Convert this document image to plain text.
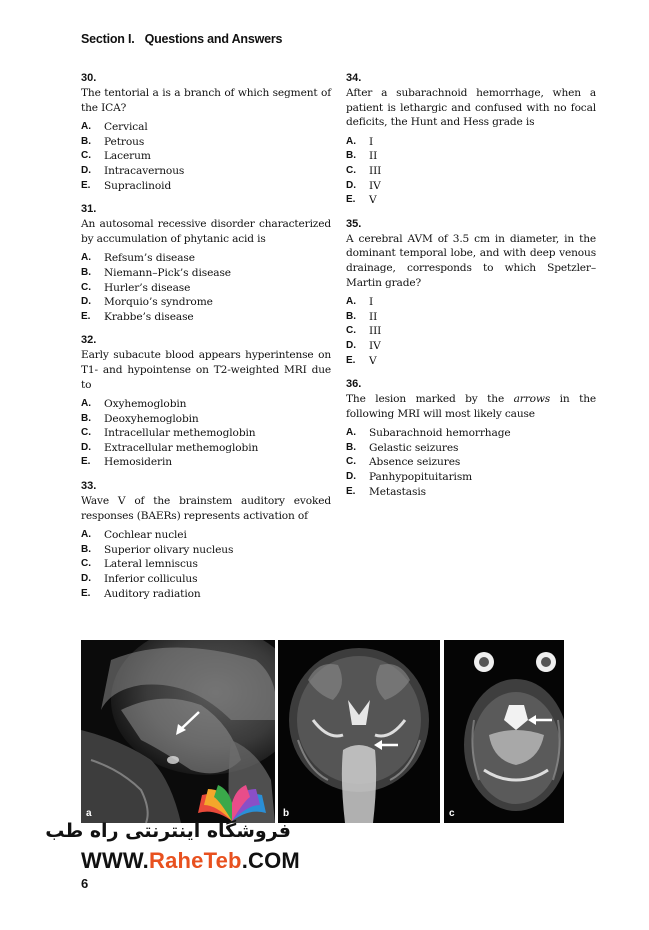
Section I. Questions and Answers
30.
The tentorial a is a branch of which segment of the ICA?
A.	Cervical
B.	Petrous
C.	Lacerum
D.	Intracavernous
E.	Supraclinoid
31.
An autosomal recessive disorder characterized by accumulation of phytanic acid is
A.	Refsum’s disease
B.	Niemann–Pick’s disease
C.	Hurler’s disease
D.	Morquio’s syndrome
E.	Krabbe’s disease
32.
Early subacute blood appears hyperintense on T1- and hypointense on T2-weighted MRI due to
A.	Oxyhemoglobin
B.	Deoxyhemoglobin
C.	Intracellular methemoglobin
D.	Extracellular methemoglobin
E.	Hemosiderin
33.
Wave V of the brainstem auditory evoked responses (BAERs) represents activation of
A.	Cochlear nuclei
B.	Superior olivary nucleus
C.	Lateral lemniscus
D.	Inferior colliculus
E.	Auditory radiation
34.
After a subarachnoid hemorrhage, when a patient is lethargic and confused with no focal deficits, the Hunt and Hess grade is
A.	I
B.	II
C.	III
D.	IV
E.	V
35.
A cerebral AVM of 3.5 cm in diameter, in the dominant temporal lobe, and with deep venous drainage, corresponds to which Spetzler–Martin grade?
A.	I
B.	II
C.	III
D.	IV
E.	V
36.
The lesion marked by the arrows in the following MRI will most likely cause
A.	Subarachnoid hemorrhage
B.	Gelastic seizures
C.	Absence seizures
D.	Panhypopituitarism
E.	Metastasis
a	b	c
فروشگاه اینترنتی راه طب
WWW.RaheTeb.COM
6
